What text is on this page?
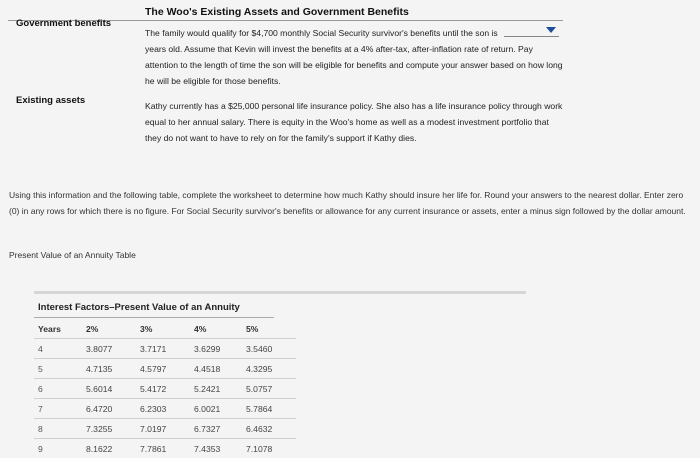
The Woo's Existing Assets and Government Benefits
Government benefits
The family would qualify for $4,700 monthly Social Security survivor's benefits until the son is
years old. Assume that Kevin will invest the benefits at a 4% after-tax, after-inflation rate of return. Pay attention to the length of time the son will be eligible for benefits and compute your answer based on how long he will be eligible for those benefits.
Existing assets	Kathy currently has a $25,000 personal life insurance policy. She also has a life insurance policy through work equal to her annual salary. There is equity in the Woo's home as well as a modest investment portfolio that they do not want to have to rely on for the family's support if Kathy dies.
Using this information and the following table, complete the worksheet to determine how much Kathy should insure her life for. Round your answers to the nearest dollar. Enter zero (0) in any rows for which there is no figure. For Social Security survivor's benefits or allowance for any current insurance or assets, enter a minus sign followed by the dollar amount.
Present Value of an Annuity Table
Interest Factors–Present Value of an Annuity
Years	2%	3%	4%	5%
4	3.8077	3.7171	3.6299	3.5460
5	4.7135	4.5797	4.4518	4.3295
6	5.6014	5.4172	5.2421	5.0757
7	6.4720	6.2303	6.0021	5.7864
8	7.3255	7.0197	6.7327	6.4632
9	8.1622	7.7861	7.4353	7.1078
